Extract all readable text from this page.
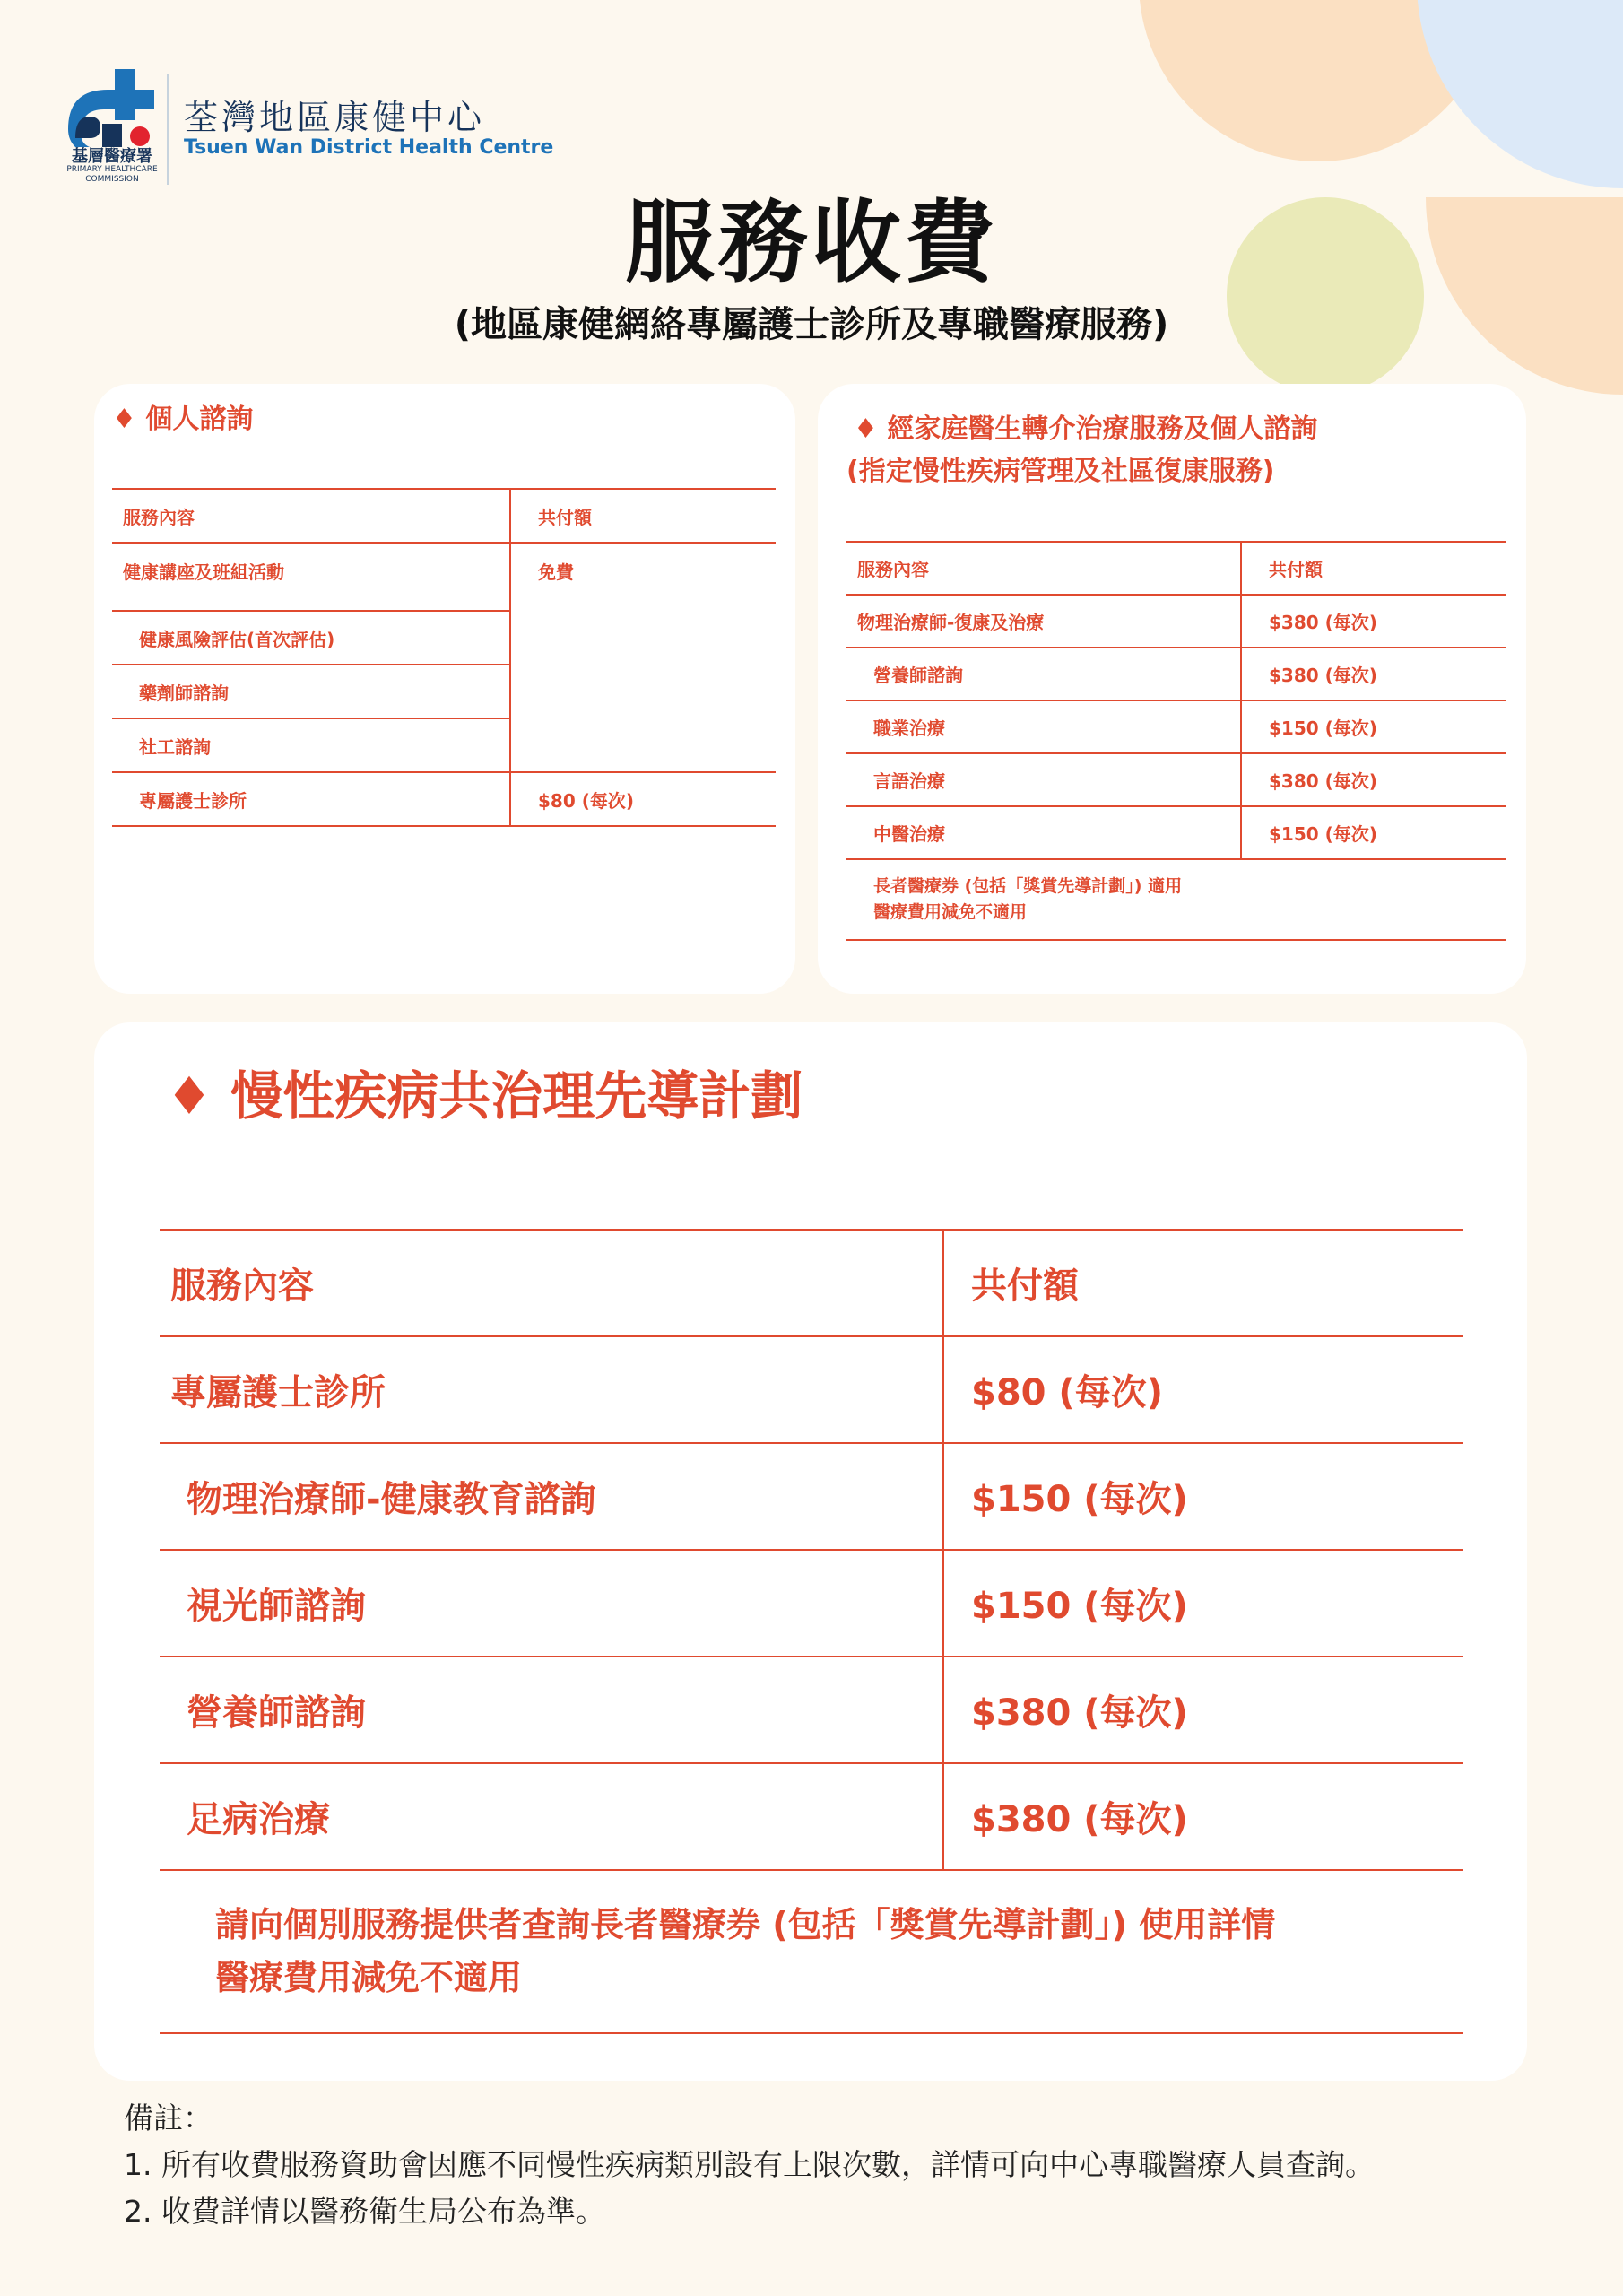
基層醫療署
PRIMARY HEALTHCARE COMMISSION
荃灣地區康健中心
Tsuen Wan District Health Centre
服務收費
(地區康健網絡專屬護士診所及專職醫療服務)
♦ 個人諮詢
服務內容	共付額
健康講座及班組活動	免費
健康風險評估(首次評估)	
藥劑師諮詢	
社工諮詢	
專屬護士診所	$80 (每次)
♦ 經家庭醫生轉介治療服務及個人諮詢
(指定慢性疾病管理及社區復康服務)
服務內容	共付額
物理治療師-復康及治療	$380 (每次)
營養師諮詢	$380 (每次)
職業治療	$150 (每次)
言語治療	$380 (每次)
中醫治療	$150 (每次)

長者醫療券 (包括「獎賞先導計劃」) 適用
醫療費用減免不適用	
♦ 慢性疾病共治理先導計劃
服務內容	共付額
專屬護士診所	$80 (每次)
物理治療師-健康教育諮詢	$150 (每次)
視光師諮詢	$150 (每次)
營養師諮詢	$380 (每次)
足病治療	$380 (每次)

請向個別服務提供者查詢長者醫療券 (包括「獎賞先導計劃」) 使用詳情
醫療費用減免不適用	
備註：
1. 所有收費服務資助會因應不同慢性疾病類別設有上限次數，詳情可向中心專職醫療人員查詢。
2. 收費詳情以醫務衛生局公布為準。
